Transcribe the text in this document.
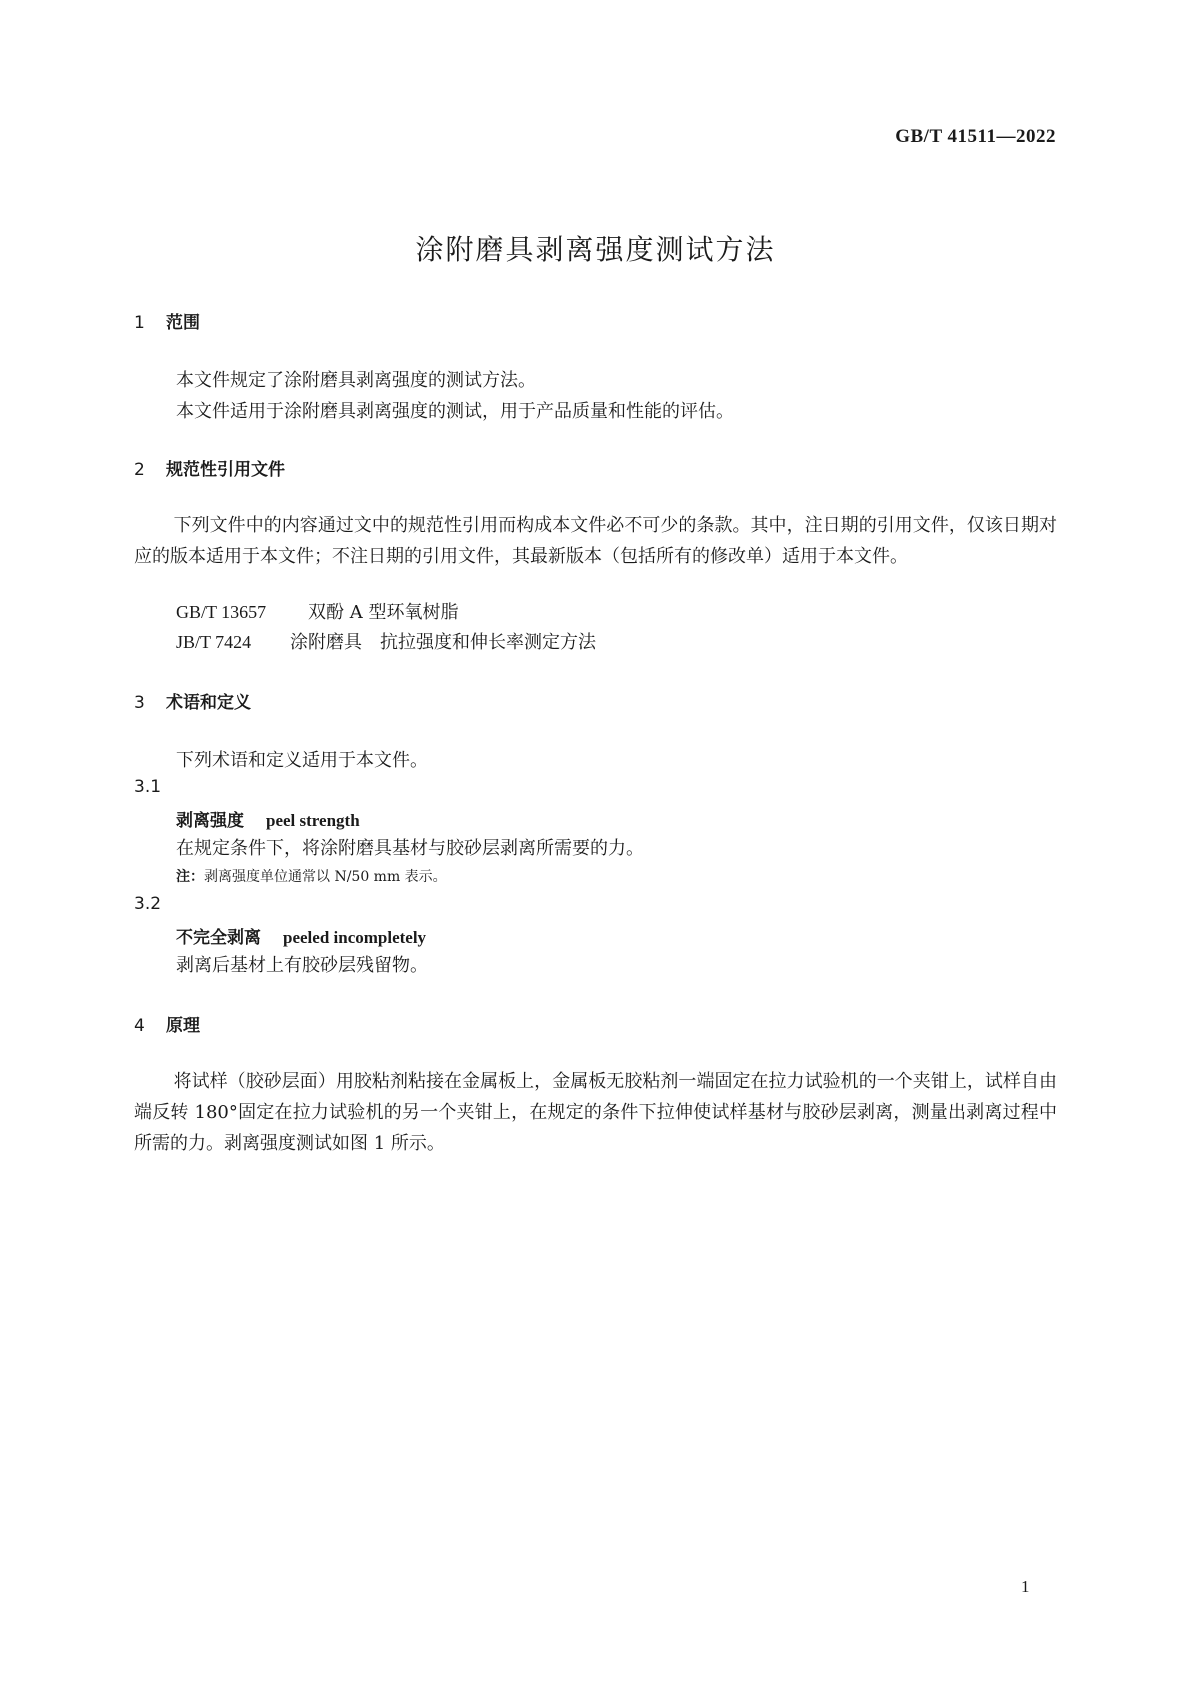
GB/T 41511—2022
涂附磨具剥离强度测试方法
1 范围
本文件规定了涂附磨具剥离强度的测试方法。
本文件适用于涂附磨具剥离强度的测试，用于产品质量和性能的评估。
2 规范性引用文件
下列文件中的内容通过文中的规范性引用而构成本文件必不可少的条款。其中，注日期的引用文件，仅该日期对应的版本适用于本文件；不注日期的引用文件，其最新版本（包括所有的修改单）适用于本文件。
GB/T 13657 双酚 A 型环氧树脂
JB/T 7424 涂附磨具　抗拉强度和伸长率测定方法
3 术语和定义
下列术语和定义适用于本文件。
3.1
剥离强度 peel strength
在规定条件下，将涂附磨具基材与胶砂层剥离所需要的力。
注：剥离强度单位通常以 N/50 mm 表示。
3.2
不完全剥离 peeled incompletely
剥离后基材上有胶砂层残留物。
4 原理
将试样（胶砂层面）用胶粘剂粘接在金属板上，金属板无胶粘剂一端固定在拉力试验机的一个夹钳上，试样自由端反转 180°固定在拉力试验机的另一个夹钳上，在规定的条件下拉伸使试样基材与胶砂层剥离，测量出剥离过程中所需的力。剥离强度测试如图 1 所示。
1
